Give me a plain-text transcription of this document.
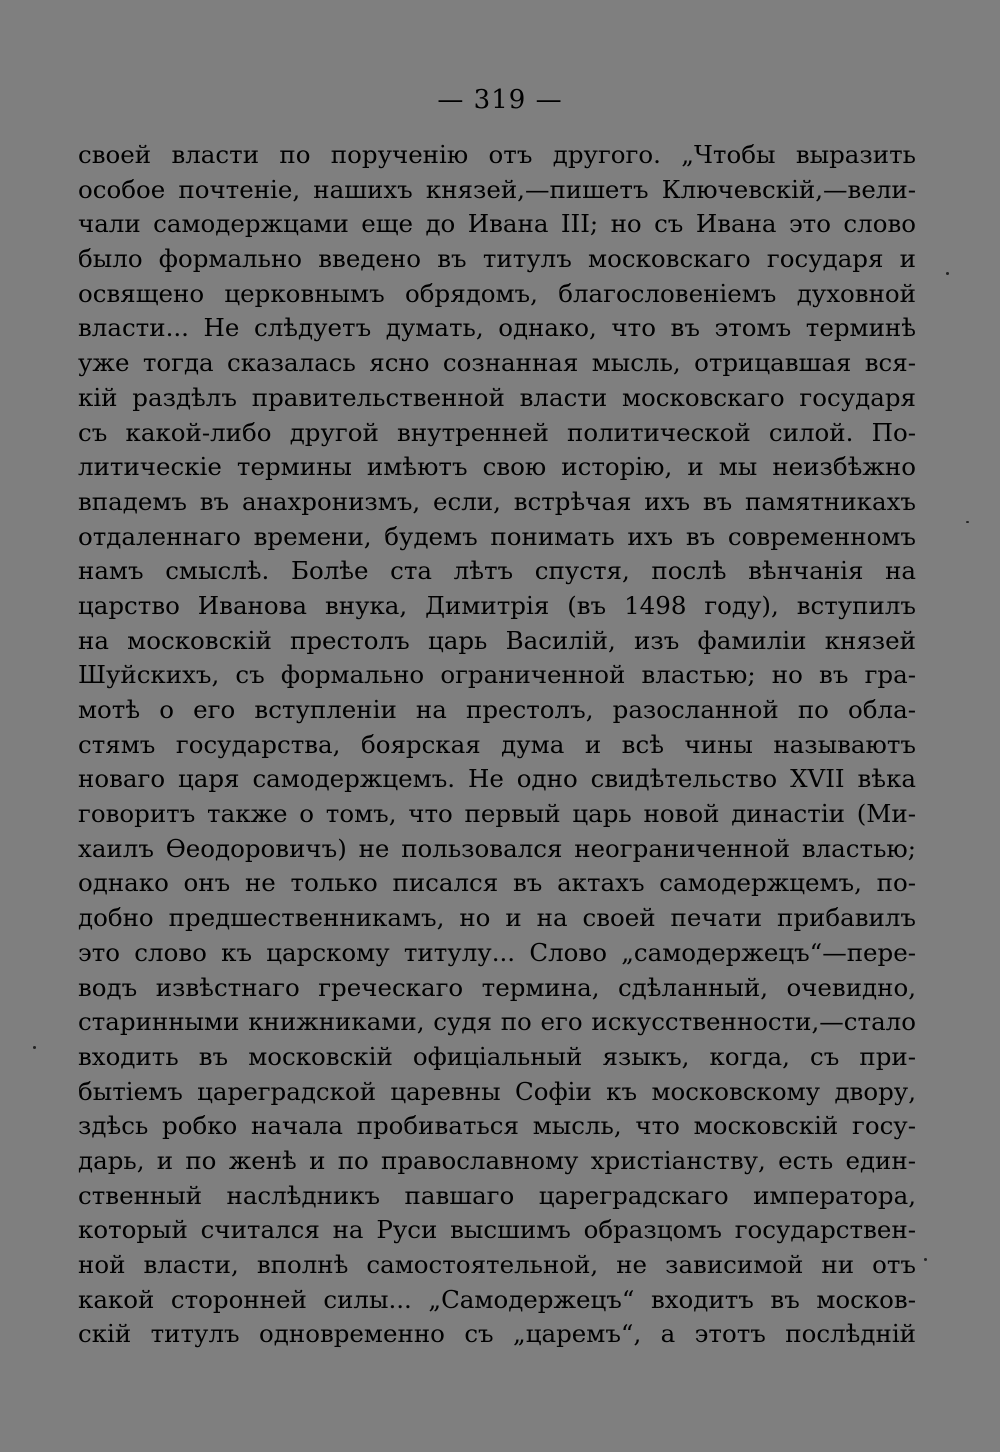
— 319 —
своей власти по порученію отъ другого. „Чтобы выразить
особое почтеніе, нашихъ князей,—пишетъ Ключевскій,—вели-
чали самодержцами еще до Ивана III; но съ Ивана это слово
было формально введено въ титулъ московскаго государя и
освящено церковнымъ обрядомъ, благословеніемъ духовной
власти... Не слѣдуетъ думать, однако, что въ этомъ терминѣ
уже тогда сказалась ясно сознанная мысль, отрицавшая вся-
кій раздѣлъ правительственной власти московскаго государя
съ какой-либо другой внутренней политической силой. По-
литическіе термины имѣютъ свою исторію, и мы неизбѣжно
впадемъ въ анахронизмъ, если, встрѣчая ихъ въ памятникахъ
отдаленнаго времени, будемъ понимать ихъ въ современномъ
намъ смыслѣ. Болѣе ста лѣтъ спустя, послѣ вѣнчанія на
царство Иванова внука, Димитрія (въ 1498 году), вступилъ
на московскій престолъ царь Василій, изъ фамиліи князей
Шуйскихъ, съ формально ограниченной властью; но въ гра-
мотѣ о его вступленіи на престолъ, разосланной по обла-
стямъ государства, боярская дума и всѣ чины называютъ
новаго царя самодержцемъ. Не одно свидѣтельство XVII вѣка
говоритъ также о томъ, что первый царь новой династіи (Ми-
хаилъ Ѳеодоровичъ) не пользовался неограниченной властью;
однако онъ не только писался въ актахъ самодержцемъ, по-
добно предшественникамъ, но и на своей печати прибавилъ
это слово къ царскому титулу... Слово „самодержецъ“—пере-
водъ извѣстнаго греческаго термина, сдѣланный, очевидно,
старинными книжниками, судя по его искусственности,—стало
входить въ московскій офиціальный языкъ, когда, съ при-
бытіемъ цареградской царевны Софіи къ московскому двору,
здѣсь робко начала пробиваться мысль, что московскій госу-
дарь, и по женѣ и по православному христіанству, есть един-
ственный наслѣдникъ павшаго цареградскаго императора,
который считался на Руси высшимъ образцомъ государствен-
ной власти, вполнѣ самостоятельной, не зависимой ни отъ
какой сторонней силы... „Самодержецъ“ входитъ въ москов-
скій титулъ одновременно съ „царемъ“, а этотъ послѣдній
